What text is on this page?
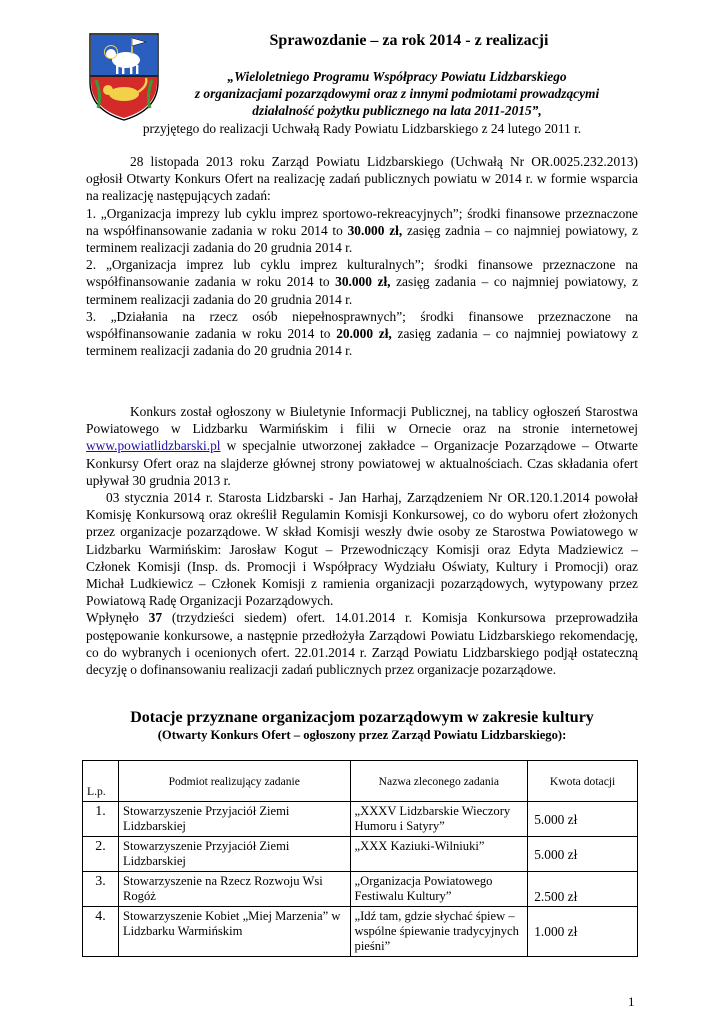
Sprawozdanie – za rok 2014 - z realizacji
„Wieloletniego Programu Współpracy Powiatu Lidzbarskiego
z organizacjami pozarządowymi oraz z innymi podmiotami prowadzącymi
działalność pożytku publicznego na lata 2011-2015”,

przyjętego do realizacji Uchwałą Rady Powiatu Lidzbarskiego z 24 lutego 2011 r.

28 listopada 2013 roku Zarząd Powiatu Lidzbarskiego (Uchwałą Nr OR.0025.232.2013) ogłosił Otwarty Konkurs Ofert na realizację zadań publicznych powiatu w 2014 r. w formie wsparcia na realizację następujących zadań:

1. „Organizacja imprezy lub cyklu imprez sportowo-rekreacyjnych”; środki finansowe przeznaczone na współfinansowanie zadania w roku 2014 to 30.000 zł, zasięg zadnia – co najmniej powiatowy, z terminem realizacji zadania do 20 grudnia 2014 r.

2. „Organizacja imprez lub cyklu imprez kulturalnych”; środki finansowe przeznaczone na współfinansowanie zadania w roku 2014 to 30.000 zł, zasięg zadania – co najmniej powiatowy, z terminem realizacji zadania do 20 grudnia 2014 r.

3. „Działania na rzecz osób niepełnosprawnych”; środki finansowe przeznaczone na współfinansowanie zadania w roku 2014 to 20.000 zł, zasięg zadania – co najmniej powiatowy z terminem realizacji zadania do 20 grudnia 2014 r.

Konkurs został ogłoszony w Biuletynie Informacji Publicznej, na tablicy ogłoszeń Starostwa Powiatowego w Lidzbarku Warmińskim i filii w Ornecie oraz na stronie internetowej www.powiatlidzbarski.pl w specjalnie utworzonej zakładce – Organizacje Pozarządowe – Otwarte Konkursy Ofert oraz na slajderze głównej strony powiatowej w aktualnościach. Czas składania ofert upływał 30 grudnia 2013 r.

03 stycznia 2014 r. Starosta Lidzbarski - Jan Harhaj, Zarządzeniem Nr OR.120.1.2014 powołał Komisję Konkursową oraz określił Regulamin Komisji Konkursowej, co do wyboru ofert złożonych przez organizacje pozarządowe. W skład Komisji weszły dwie osoby ze Starostwa Powiatowego w Lidzbarku Warmińskim: Jarosław Kogut – Przewodniczący Komisji oraz Edyta Madziewicz – Członek Komisji (Insp. ds. Promocji i Współpracy Wydziału Oświaty, Kultury i Promocji) oraz Michał Ludkiewicz – Członek Komisji z ramienia organizacji pozarządowych, wytypowany przez Powiatową Radę Organizacji Pozarządowych.

Wpłynęło 37 (trzydzieści siedem) ofert. 14.01.2014 r. Komisja Konkursowa przeprowadziła postępowanie konkursowe, a następnie przedłożyła Zarządowi Powiatu Lidzbarskiego rekomendację, co do wybranych i ocenionych ofert. 22.01.2014 r. Zarząd Powiatu Lidzbarskiego podjął ostateczną decyzję o dofinansowaniu realizacji zadań publicznych przez organizacje pozarządowe.

Dotacje przyznane organizacjom pozarządowym w zakresie kultury

(Otwarty Konkurs Ofert – ogłoszony przez Zarząd Powiatu Lidzbarskiego):

L.p.	Podmiot realizujący zadanie	Nazwa zleconego zadania	Kwota dotacji
1.	Stowarzyszenie Przyjaciół Ziemi Lidzbarskiej	„XXXV Lidzbarskie Wieczory Humoru i Satyry”	5.000 zł
2.	Stowarzyszenie Przyjaciół Ziemi Lidzbarskiej	„XXX Kaziuki-Wilniuki”	5.000 zł
3.	Stowarzyszenie na Rzecz Rozwoju Wsi Rogóż	„Organizacja Powiatowego Festiwalu Kultury”	2.500 zł
4.	Stowarzyszenie Kobiet „Miej Marzenia” w Lidzbarku Warmińskim	„Idź tam, gdzie słychać śpiew – wspólne śpiewanie tradycyjnych pieśni”	1.000 zł

1
